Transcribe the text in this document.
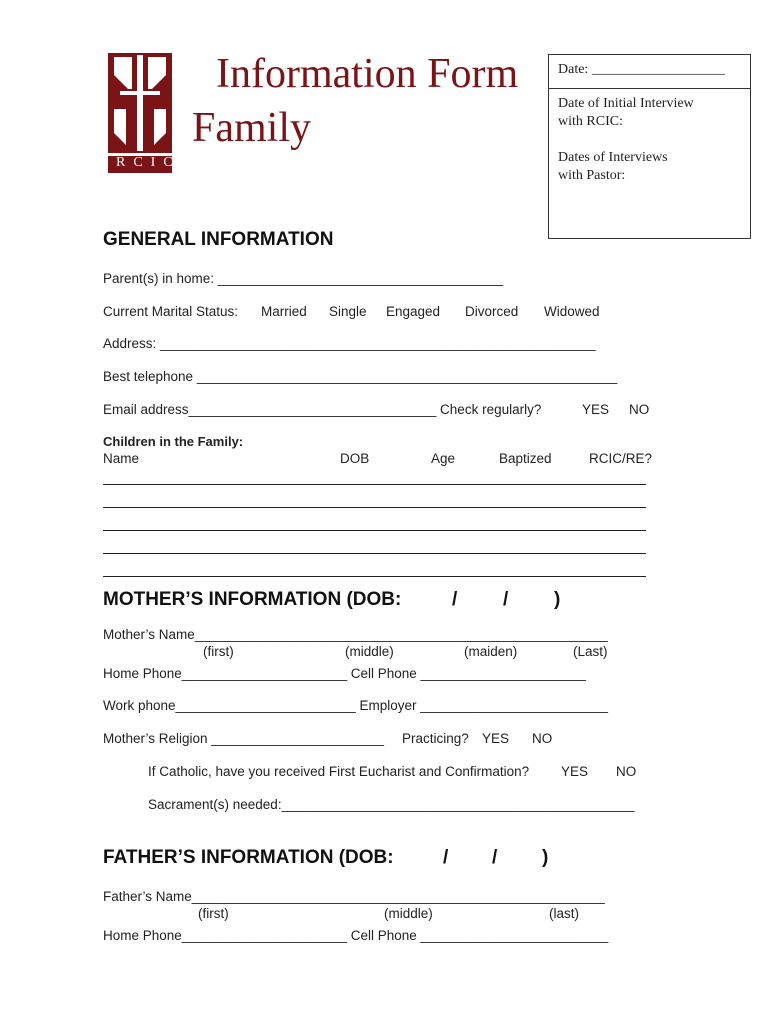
RCIC
Information Form
Family
Date: ___________________
Date of Initial Interview
with RCIC:
Dates of Interviews
with Pastor:
GENERAL INFORMATION
Parent(s) in home: ______________________________________
Current Marital Status: Married Single Engaged Divorced Widowed
Address: __________________________________________________________
Best telephone ________________________________________________________
Email address_________________________________ Check regularly?	YES NO
Children in the Family:
Name	DOB	Age	Baptized	RCIC/RE?
MOTHER’S INFORMATION (DOB:	/ / )
Mother’s Name_______________________________________________________
(first)	(middle)	(maiden)	(Last)
Home Phone______________________ Cell Phone ______________________
Work phone________________________ Employer _________________________
Mother’s Religion _______________________ Practicing? YES NO
If Catholic, have you received First Eucharist and Confirmation? YES NO
Sacrament(s) needed:_______________________________________________
FATHER’S INFORMATION (DOB:	/ / )
Father’s Name_______________________________________________________
(first)	(middle)	(last)
Home Phone______________________ Cell Phone _________________________
